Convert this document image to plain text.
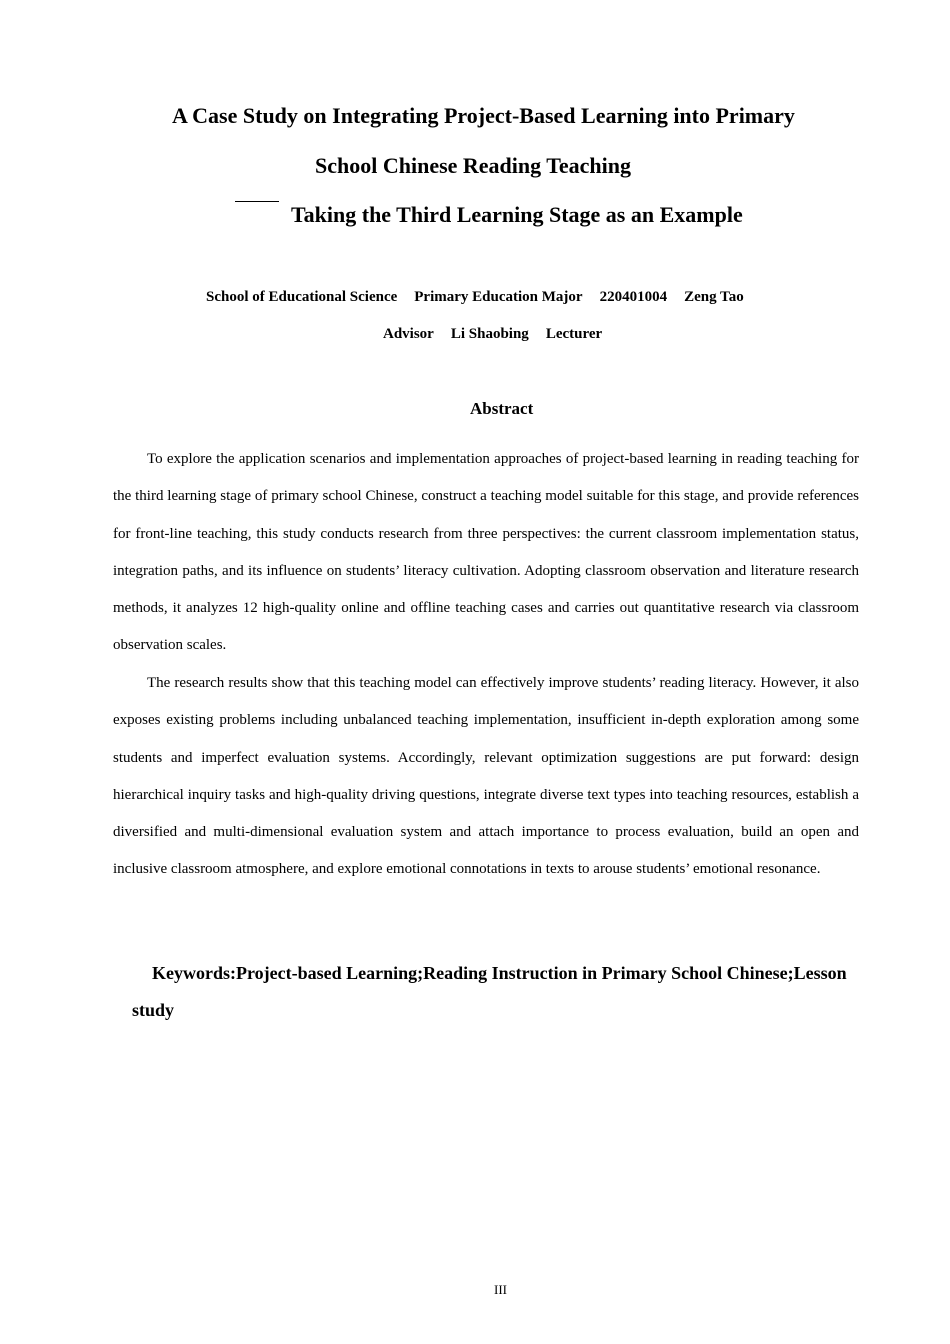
A Case Study on Integrating Project-Based Learning into Primary
School Chinese Reading Teaching
Taking the Third Learning Stage as an Example
School of Educational Science Primary Education Major 220401004 Zeng Tao
Advisor Li Shaobing Lecturer
Abstract

To explore the application scenarios and implementation approaches of project-based learning in reading teaching for the third learning stage of primary school Chinese, construct a teaching model suitable for this stage, and provide references for front-line teaching, this study conducts research from three perspectives: the current classroom implementation status, integration paths, and its influence on students’ literacy cultivation. Adopting classroom observation and literature research methods, it analyzes 12 high-quality online and offline teaching cases and carries out quantitative research via classroom observation scales.

The research results show that this teaching model can effectively improve students’ reading literacy. However, it also exposes existing problems including unbalanced teaching implementation, insufficient in-depth exploration among some students and imperfect evaluation systems. Accordingly, relevant optimization suggestions are put forward: design hierarchical inquiry tasks and high-quality driving questions, integrate diverse text types into teaching resources, establish a diversified and multi-dimensional evaluation system and attach importance to process evaluation, build an open and inclusive classroom atmosphere, and explore emotional connotations in texts to arouse students’ emotional resonance.

Keywords:Project-based Learning;Reading Instruction in Primary School Chinese;Lesson study
III
